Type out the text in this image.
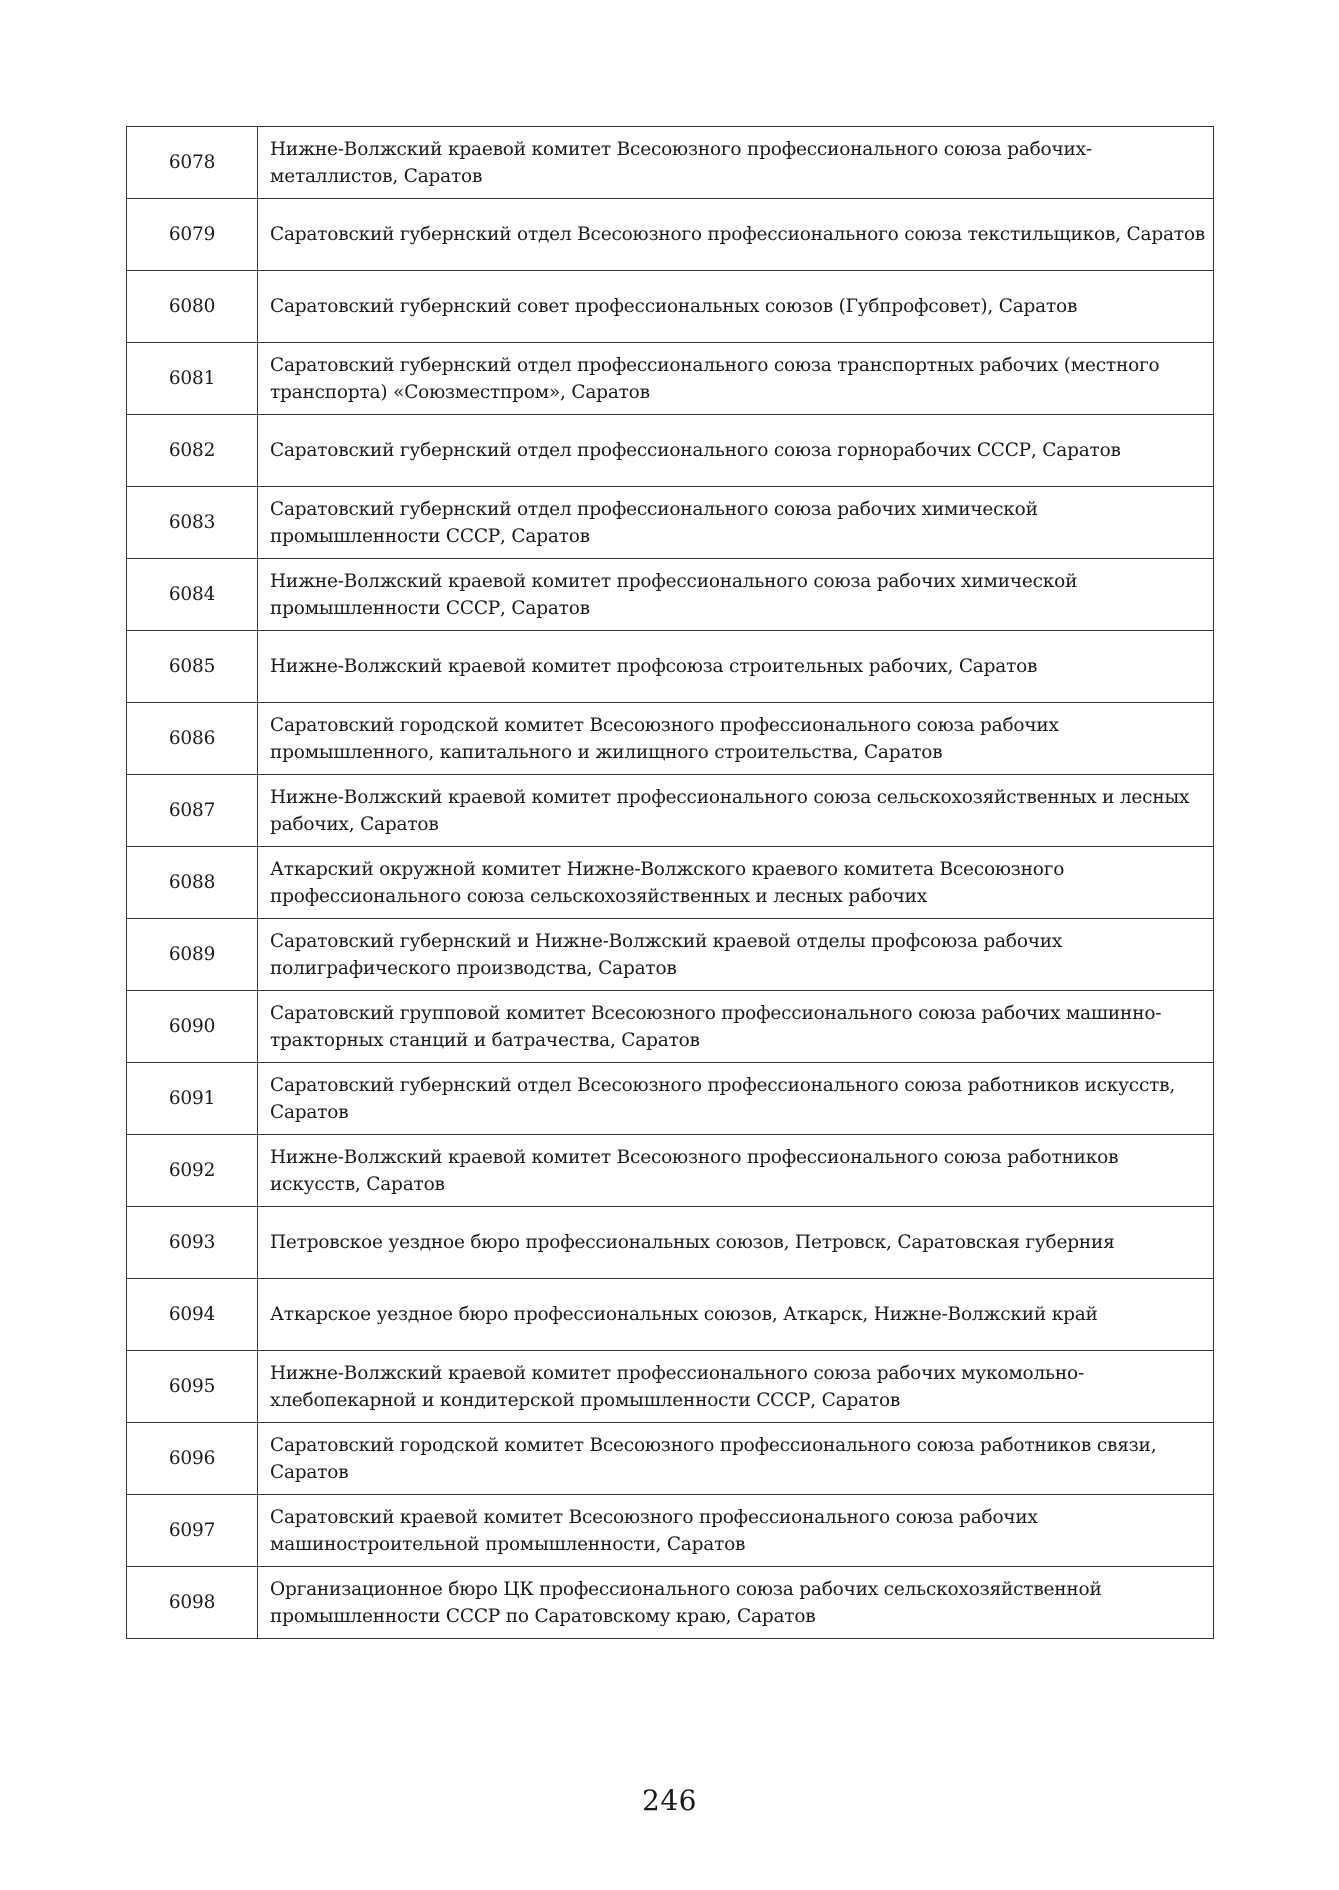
6078	Нижне-Волжский краевой комитет Всесоюзного профессионального союза рабочих-
металлистов, Саратов
6079	Саратовский губернский отдел Всесоюзного профессионального союза текстильщиков, Саратов
6080	Саратовский губернский совет профессиональных союзов (Губпрофсовет), Саратов
6081	Саратовский губернский отдел профессионального союза транспортных рабочих (местного
транспорта) «Союзместпром», Саратов
6082	Саратовский губернский отдел профессионального союза горнорабочих СССР, Саратов
6083	Саратовский губернский отдел профессионального союза рабочих химической
промышленности СССР, Саратов
6084	Нижне-Волжский краевой комитет профессионального союза рабочих химической
промышленности СССР, Саратов
6085	Нижне-Волжский краевой комитет профсоюза строительных рабочих, Саратов
6086	Саратовский городской комитет Всесоюзного профессионального союза рабочих
промышленного, капитального и жилищного строительства, Саратов
6087	Нижне-Волжский краевой комитет профессионального союза сельскохозяйственных и лесных
рабочих, Саратов
6088	Аткарский окружной комитет Нижне-Волжского краевого комитета Всесоюзного
профессионального союза сельскохозяйственных и лесных рабочих
6089	Саратовский губернский и Нижне-Волжский краевой отделы профсоюза рабочих
полиграфического производства, Саратов
6090	Саратовский групповой комитет Всесоюзного профессионального союза рабочих машинно-
тракторных станций и батрачества, Саратов
6091	Саратовский губернский отдел Всесоюзного профессионального союза работников искусств,
Саратов
6092	Нижне-Волжский краевой комитет Всесоюзного профессионального союза работников
искусств, Саратов
6093	Петровское уездное бюро профессиональных союзов, Петровск, Саратовская губерния
6094	Аткарское уездное бюро профессиональных союзов, Аткарск, Нижне-Волжский край
6095	Нижне-Волжский краевой комитет профессионального союза рабочих мукомольно-
хлебопекарной и кондитерской промышленности СССР, Саратов
6096	Саратовский городской комитет Всесоюзного профессионального союза работников связи,
Саратов
6097	Саратовский краевой комитет Всесоюзного профессионального союза рабочих
машиностроительной промышленности, Саратов
6098	Организационное бюро ЦК профессионального союза рабочих сельскохозяйственной
промышленности СССР по Саратовскому краю, Саратов
246
